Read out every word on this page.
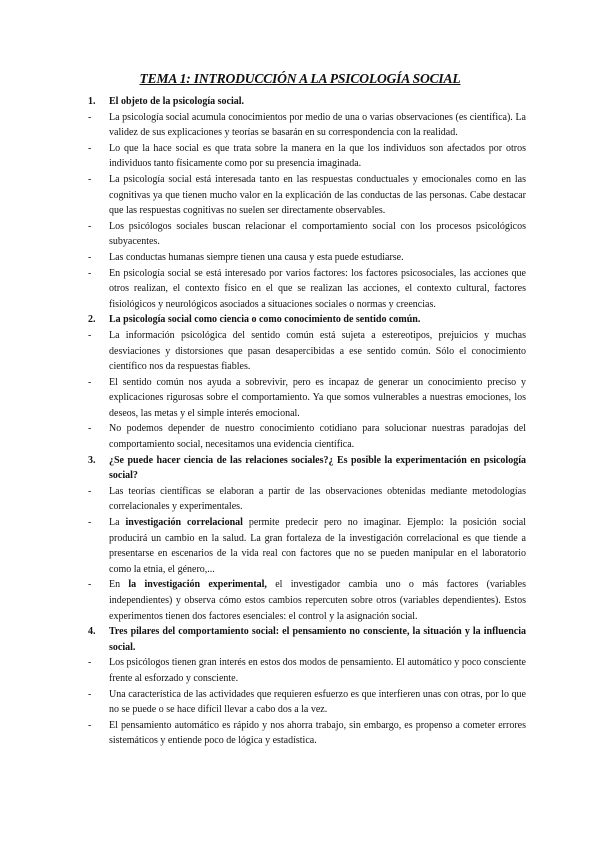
TEMA 1: INTRODUCCIÓN A LA PSICOLOGÍA SOCIAL

1. El objeto de la psicología social.

- La psicología social acumula conocimientos por medio de una o varias observaciones (es científica). La validez de sus explicaciones y teorías se basarán en su correspondencia con la realidad.

- Lo que la hace social es que trata sobre la manera en la que los individuos son afectados por otros individuos tanto físicamente como por su presencia imaginada.

- La psicología social está interesada tanto en las respuestas conductuales y emocionales como en las cognitivas ya que tienen mucho valor en la explicación de las conductas de las personas. Cabe destacar que las respuestas cognitivas no suelen ser directamente observables.

- Los psicólogos sociales buscan relacionar el comportamiento social con los procesos psicológicos subyacentes.

- Las conductas humanas siempre tienen una causa y esta puede estudiarse.

- En psicología social se está interesado por varios factores: los factores psicosociales, las acciones que otros realizan, el contexto físico en el que se realizan las acciones, el contexto cultural, factores fisiológicos y neurológicos asociados a situaciones sociales o normas y creencias.

2. La psicología social como ciencia o como conocimiento de sentido común.

- La información psicológica del sentido común está sujeta a estereotipos, prejuicios y muchas desviaciones y distorsiones que pasan desapercibidas a ese sentido común. Sólo el conocimiento científico nos da respuestas fiables.

- El sentido común nos ayuda a sobrevivir, pero es incapaz de generar un conocimiento preciso y explicaciones rigurosas sobre el comportamiento. Ya que somos vulnerables a nuestras emociones, los deseos, las metas y el simple interés emocional.

- No podemos depender de nuestro conocimiento cotidiano para solucionar nuestras paradojas del comportamiento social, necesitamos una evidencia científica.

3. ¿Se puede hacer ciencia de las relaciones sociales?¿ Es posible la experimentación en psicología social?

- Las teorías científicas se elaboran a partir de las observaciones obtenidas mediante metodologías correlacionales y experimentales.

- La investigación correlacional permite predecir pero no imaginar. Ejemplo: la posición social producirá un cambio en la salud. La gran fortaleza de la investigación correlacional es que tiende a presentarse en escenarios de la vida real con factores que no se pueden manipular en el laboratorio como la etnia, el género,...

- En la investigación experimental, el investigador cambia uno o más factores (variables independientes) y observa cómo estos cambios repercuten sobre otros (variables dependientes). Estos experimentos tienen dos factores esenciales: el control y la asignación social.

4. Tres pilares del comportamiento social: el pensamiento no consciente, la situación y la influencia social.

- Los psicólogos tienen gran interés en estos dos modos de pensamiento. El automático y poco consciente frente al esforzado y consciente.

- Una característica de las actividades que requieren esfuerzo es que interfieren unas con otras, por lo que no se puede o se hace difícil llevar a cabo dos a la vez.

- El pensamiento automático es rápido y nos ahorra trabajo, sin embargo, es propenso a cometer errores sistemáticos y entiende poco de lógica y estadística.
